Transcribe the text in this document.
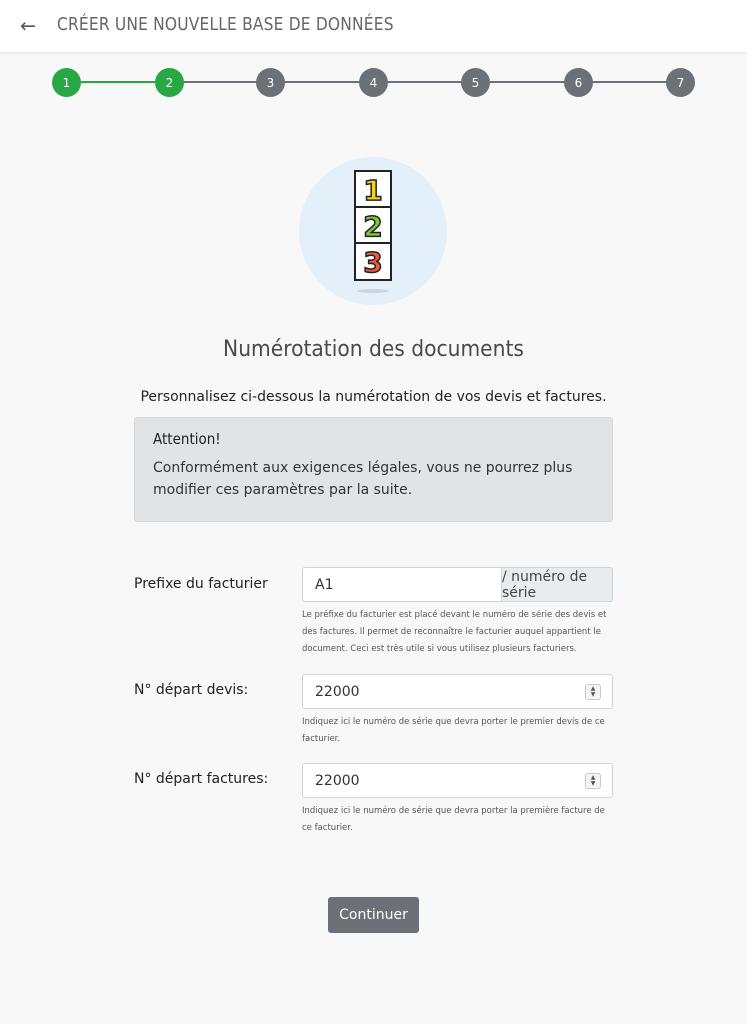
←	CRÉER UNE NOUVELLE BASE DE DONNÉES
1	2	3	4	5	6	7
1
2
3
Numérotation des documents
Personnalisez ci-dessous la numérotation de vos devis et factures.
Attention!
Conformément aux exigences légales, vous ne pourrez plus modifier ces paramètres par la suite.
Prefixe du facturier
A1	/ numéro de série
Le préfixe du facturier est placé devant le numéro de série des devis et des factures. Il permet de reconnaître le facturier auquel appartient le document. Ceci est très utile si vous utilisez plusieurs facturiers.
N° départ devis:	22000	▲
▼
Indiquez ici le numéro de série que devra porter le premier devis de ce facturier.
N° départ factures:	22000	▲
▼
Indiquez ici le numéro de série que devra porter la première facture de ce facturier.
Continuer
